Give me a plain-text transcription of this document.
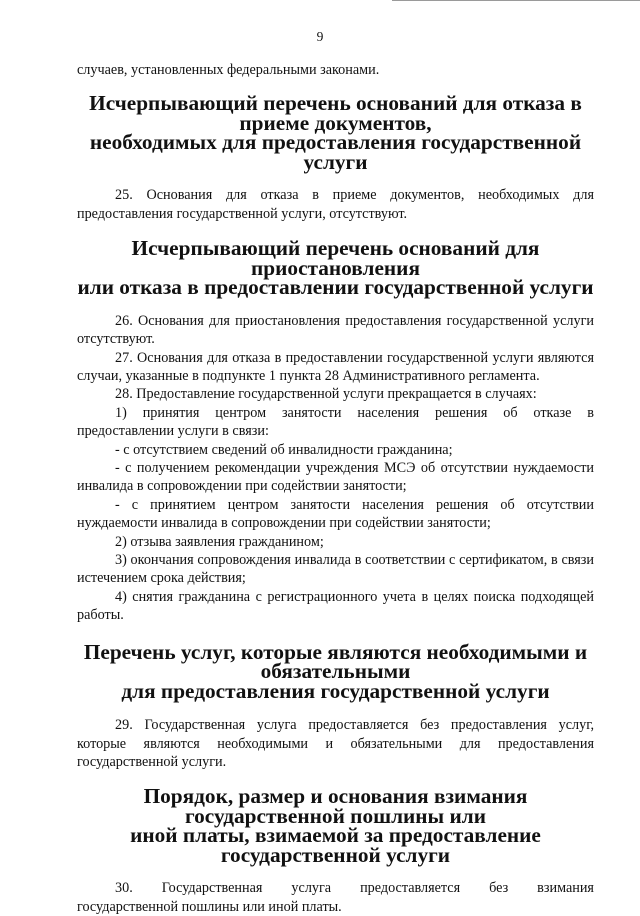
9

случаев, установленных федеральными законами.

Исчерпывающий перечень оснований для отказа в приеме документов,
необходимых для предоставления государственной услуги

25. Основания для отказа в приеме документов, необходимых для предоставления государственной услуги, отсутствуют.

Исчерпывающий перечень оснований для приостановления
или отказа в предоставлении государственной услуги

26. Основания для приостановления предоставления государственной услуги отсутствуют.

27. Основания для отказа в предоставлении государственной услуги являются случаи, указанные в подпункте 1 пункта 28 Административного регламента.

28. Предоставление государственной услуги прекращается в случаях:

1) принятия центром занятости населения решения об отказе в предоставлении услуги в связи:

- с отсутствием сведений об инвалидности гражданина;

- с получением рекомендации учреждения МСЭ об отсутствии нуждаемости инвалида в сопровождении при содействии занятости;

- с принятием центром занятости населения решения об отсутствии нуждаемости инвалида в сопровождении при содействии занятости;

2) отзыва заявления гражданином;

3) окончания сопровождения инвалида в соответствии с сертификатом, в связи истечением срока действия;

4) снятия гражданина с регистрационного учета в целях поиска подходящей работы.

Перечень услуг, которые являются необходимыми и обязательными
для предоставления государственной услуги

29. Государственная услуга предоставляется без предоставления услуг, которые являются необходимыми и обязательными для предоставления государственной услуги.

Порядок, размер и основания взимания государственной пошлины или
иной платы, взимаемой за предоставление государственной услуги
30. Государственная услуга предоставляется без взимания
государственной пошлины или иной платы.
